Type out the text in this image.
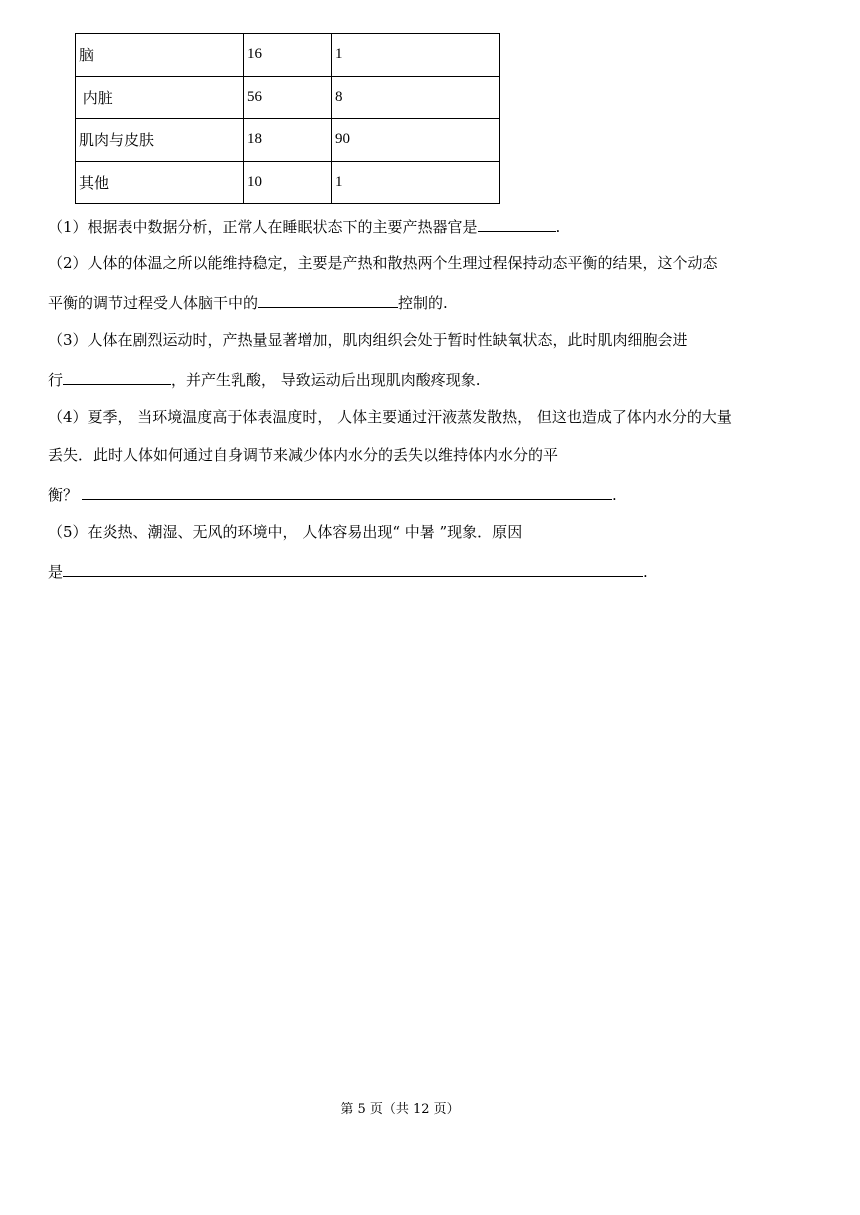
脑	16	1
内脏	56	8
肌肉与皮肤	18	90
其他	10	1
（1）根据表中数据分析，正常人在睡眠状态下的主要产热器官是	.
（2）人体的体温之所以能维持稳定，主要是产热和散热两个生理过程保持动态平衡的结果，这个动态
平衡的调节过程受人体脑干中的	控制的.
（3）人体在剧烈运动时，产热量显著增加，肌肉组织会处于暂时性缺氧状态，此时肌肉细胞会进
行	，并产生乳酸， 导致运动后出现肌肉酸疼现象.
（4）夏季， 当环境温度高于体表温度时， 人体主要通过汗液蒸发散热， 但这也造成了体内水分的大量
丢失．此时人体如何通过自身调节来减少体内水分的丢失以维持体内水分的平
衡？	.
（5）在炎热、潮湿、无风的环境中， 人体容易出现“ 中暑 ”现象．原因
是	.
第 5 页（共 12 页）
